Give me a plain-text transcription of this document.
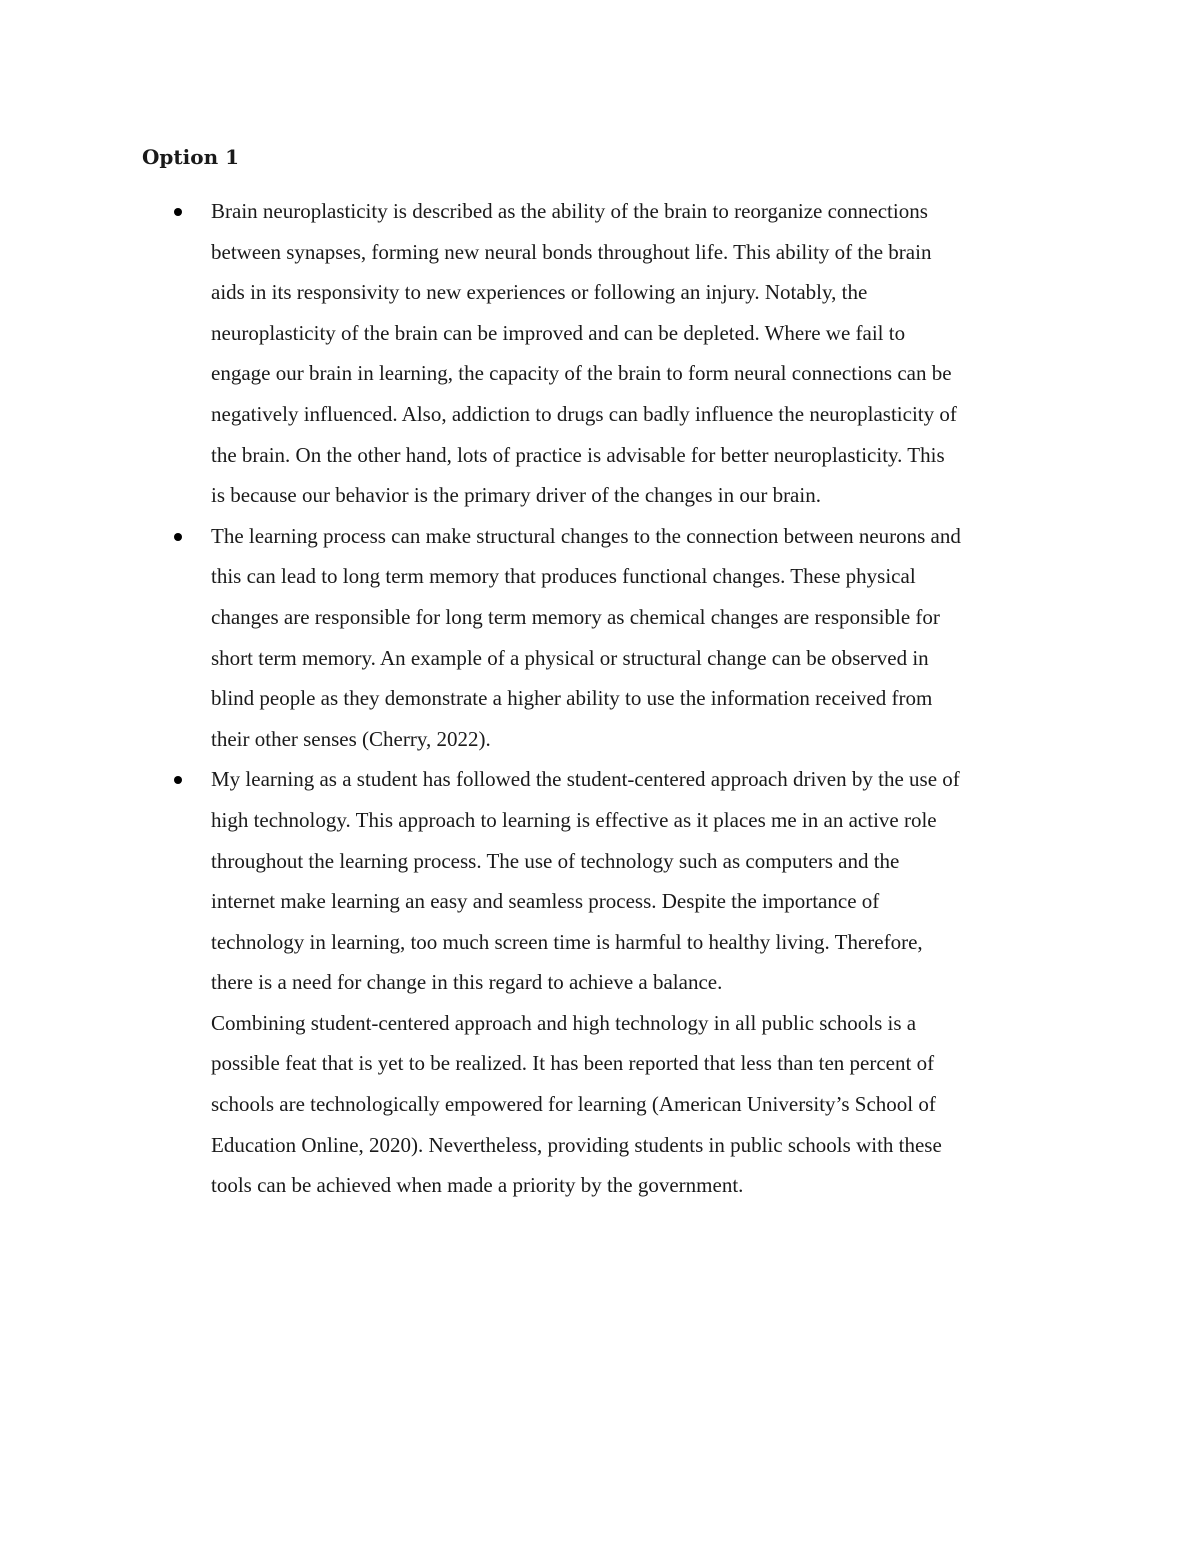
Option 1

Brain neuroplasticity is described as the ability of the brain to reorganize connections
between synapses, forming new neural bonds throughout life. This ability of the brain
aids in its responsivity to new experiences or following an injury. Notably, the
neuroplasticity of the brain can be improved and can be depleted. Where we fail to
engage our brain in learning, the capacity of the brain to form neural connections can be
negatively influenced. Also, addiction to drugs can badly influence the neuroplasticity of
the brain. On the other hand, lots of practice is advisable for better neuroplasticity. This
is because our behavior is the primary driver of the changes in our brain.

The learning process can make structural changes to the connection between neurons and
this can lead to long term memory that produces functional changes. These physical
changes are responsible for long term memory as chemical changes are responsible for
short term memory. An example of a physical or structural change can be observed in
blind people as they demonstrate a higher ability to use the information received from
their other senses (Cherry, 2022).

My learning as a student has followed the student-centered approach driven by the use of
high technology. This approach to learning is effective as it places me in an active role
throughout the learning process. The use of technology such as computers and the
internet make learning an easy and seamless process. Despite the importance of
technology in learning, too much screen time is harmful to healthy living. Therefore,
there is a need for change in this regard to achieve a balance.

Combining student-centered approach and high technology in all public schools is a
possible feat that is yet to be realized. It has been reported that less than ten percent of
schools are technologically empowered for learning (American University’s School of
Education Online, 2020). Nevertheless, providing students in public schools with these
tools can be achieved when made a priority by the government.
